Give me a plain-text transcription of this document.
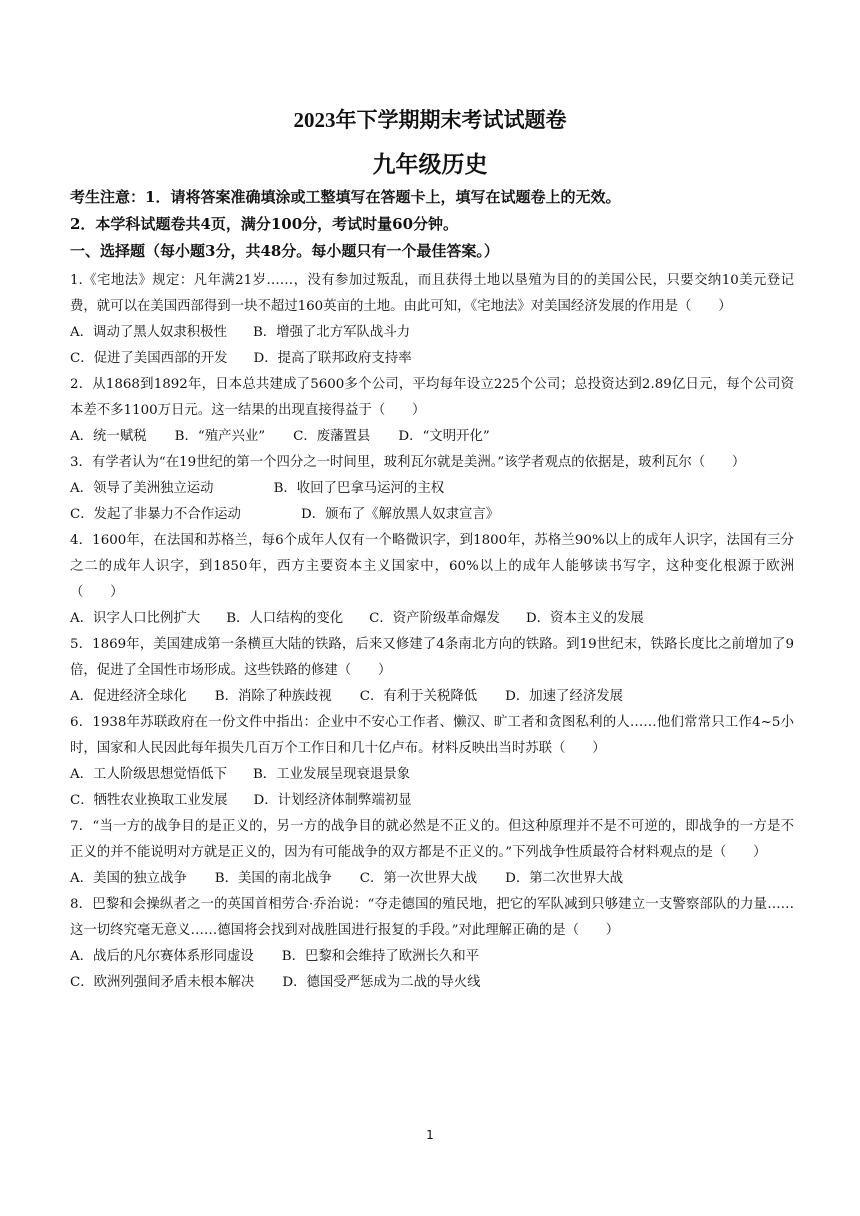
2023年下学期期末考试试题卷
九年级历史
考生注意：1．请将答案准确填涂或工整填写在答题卡上，填写在试题卷上的无效。
2．本学科试题卷共4页，满分100分，考试时量60分钟。
一、选择题（每小题3分，共48分。每小题只有一个最佳答案。）

1.《宅地法》规定：凡年满21岁……，没有参加过叛乱，而且获得土地以垦殖为目的的美国公民，只要交纳10美元登记费，就可以在美国西部得到一块不超过160英亩的土地。由此可知，《宅地法》对美国经济发展的作用是（　　）

A．调动了黑人奴隶积极性 B．增强了北方军队战斗力
C．促进了美国西部的开发 D．提高了联邦政府支持率

2．从1868到1892年，日本总共建成了5600多个公司，平均每年设立225个公司；总投资达到2.89亿日元，每个公司资本差不多1100万日元。这一结果的出现直接得益于（　　）

A．统一赋税 B．“殖产兴业” C．废藩置县 D．“文明开化”

3．有学者认为“在19世纪的第一个四分之一时间里，玻利瓦尔就是美洲。”该学者观点的依据是，玻利瓦尔（　　）

A．领导了美洲独立运动	B．收回了巴拿马运河的主权
C．发起了非暴力不合作运动	D．颁布了《解放黑人奴隶宣言》

4．1600年，在法国和苏格兰，每6个成年人仅有一个略微识字，到1800年，苏格兰90%以上的成年人识字，法国有三分之二的成年人识字，到1850年，西方主要资本主义国家中，60%以上的成年人能够读书写字，这种变化根源于欧洲（　　）

A．识字人口比例扩大 B．人口结构的变化 C．资产阶级革命爆发 D．资本主义的发展

5．1869年，美国建成第一条横亘大陆的铁路，后来又修建了4条南北方向的铁路。到19世纪末，铁路长度比之前增加了9倍，促进了全国性市场形成。这些铁路的修建（　　）

A．促进经济全球化 B．消除了种族歧视 C．有利于关税降低 D．加速了经济发展

6．1938年苏联政府在一份文件中指出：企业中不安心工作者、懒汉、旷工者和贪图私利的人……他们常常只工作4~5小时，国家和人民因此每年损失几百万个工作日和几十亿卢布。材料反映出当时苏联（　　）

A．工人阶级思想觉悟低下 B．工业发展呈现衰退景象
C．牺牲农业换取工业发展 D．计划经济体制弊端初显

7．“当一方的战争目的是正义的，另一方的战争目的就必然是不正义的。但这种原理并不是不可逆的，即战争的一方是不正义的并不能说明对方就是正义的，因为有可能战争的双方都是不正义的。”下列战争性质最符合材料观点的是（　　）

A．美国的独立战争 B．美国的南北战争 C．第一次世界大战 D．第二次世界大战

8．巴黎和会操纵者之一的英国首相劳合·乔治说：“夺走德国的殖民地，把它的军队减到只够建立一支警察部队的力量……这一切终究毫无意义……德国将会找到对战胜国进行报复的手段。”对此理解正确的是（　　）

A．战后的凡尔赛体系形同虚设 B．巴黎和会维持了欧洲长久和平
C．欧洲列强间矛盾未根本解决 D．德国受严惩成为二战的导火线
1
